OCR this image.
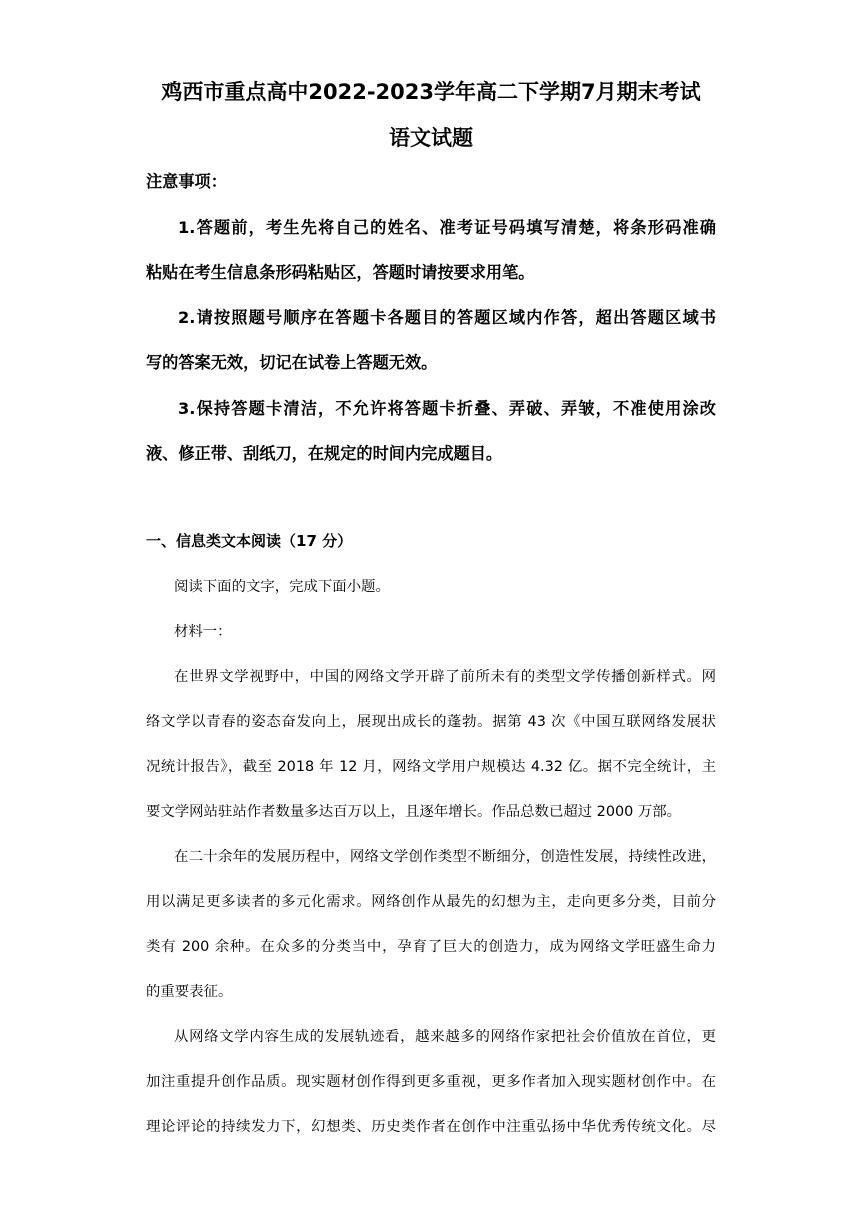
鸡西市重点高中2022-2023学年高二下学期7月期末考试
语文试题
注意事项：
1.答题前，考生先将自己的姓名、准考证号码填写清楚，将条形码准确
粘贴在考生信息条形码粘贴区，答题时请按要求用笔。
2.请按照题号顺序在答题卡各题目的答题区域内作答，超出答题区域书
写的答案无效，切记在试卷上答题无效。
3.保持答题卡清洁，不允许将答题卡折叠、弄破、弄皱，不准使用涂改
液、修正带、刮纸刀，在规定的时间内完成题目。
一、信息类文本阅读（17 分）
阅读下面的文字，完成下面小题。
材料一：
在世界文学视野中，中国的网络文学开辟了前所未有的类型文学传播创新样式。网
络文学以青春的姿态奋发向上，展现出成长的蓬勃。据第 43 次《中国互联网络发展状
况统计报告》，截至 2018 年 12 月，网络文学用户规模达 4.32 亿。据不完全统计，主
要文学网站驻站作者数量多达百万以上，且逐年增长。作品总数已超过 2000 万部。
在二十余年的发展历程中，网络文学创作类型不断细分，创造性发展，持续性改进，
用以满足更多读者的多元化需求。网络创作从最先的幻想为主，走向更多分类，目前分
类有 200 余种。在众多的分类当中，孕育了巨大的创造力，成为网络文学旺盛生命力
的重要表征。
从网络文学内容生成的发展轨迹看，越来越多的网络作家把社会价值放在首位，更
加注重提升创作品质。现实题材创作得到更多重视，更多作者加入现实题材创作中。在
理论评论的持续发力下，幻想类、历史类作者在创作中注重弘扬中华优秀传统文化。尽
